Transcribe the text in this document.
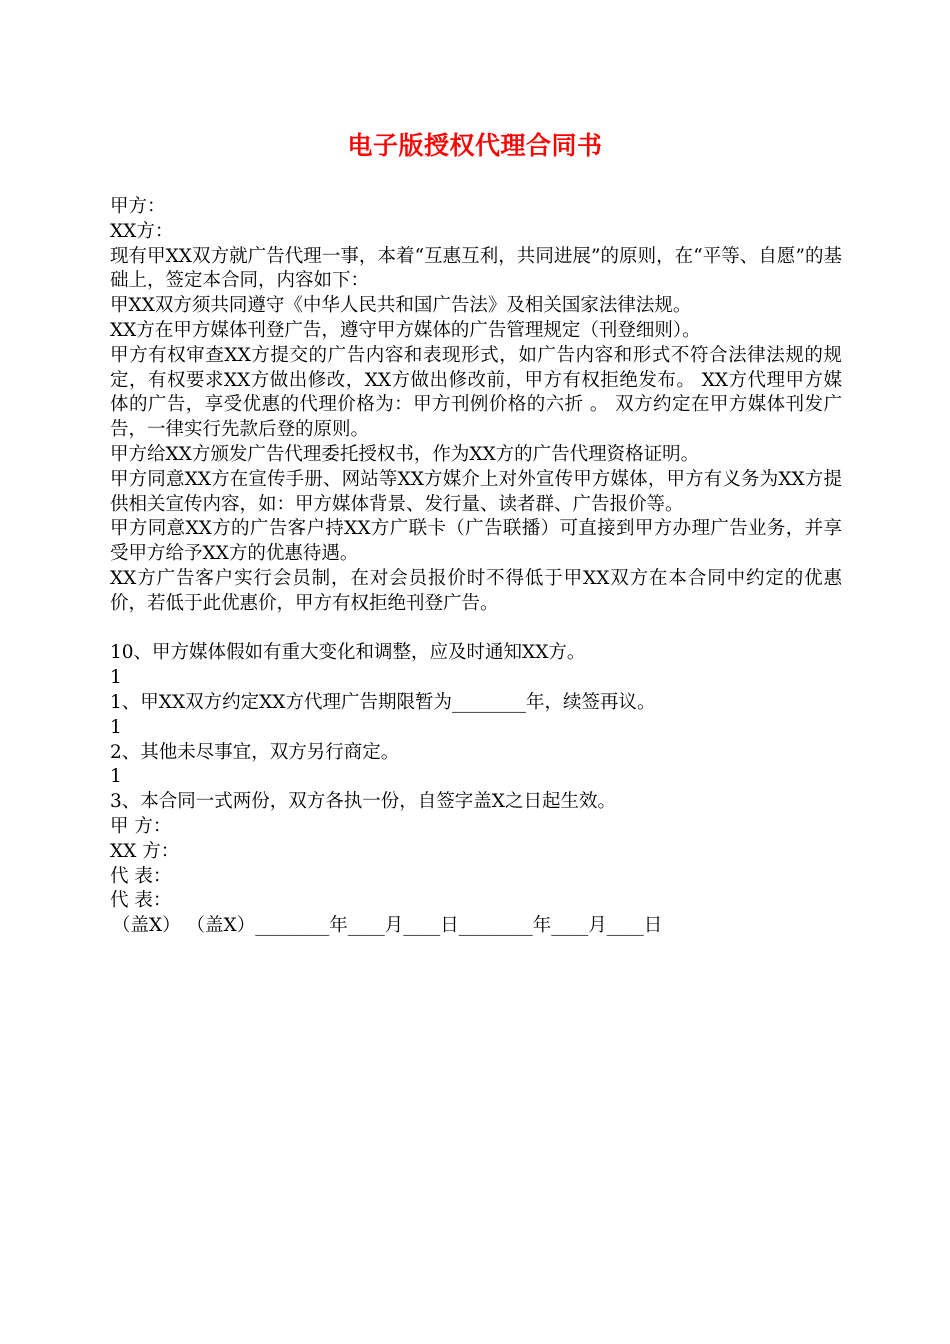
电子版授权代理合同书

甲方：

XX方：

现有甲XX双方就广告代理一事，本着“互惠互利，共同进展”的原则，在“平等、自愿”的基础上，签定本合同，内容如下：

甲XX双方须共同遵守《中华人民共和国广告法》及相关国家法律法规。

XX方在甲方媒体刊登广告，遵守甲方媒体的广告管理规定（刊登细则）。

甲方有权审查XX方提交的广告内容和表现形式，如广告内容和形式不符合法律法规的规定，有权要求XX方做出修改，XX方做出修改前，甲方有权拒绝发布。 XX方代理甲方媒体的广告，享受优惠的代理价格为：甲方刊例价格的六折 。 双方约定在甲方媒体刊发广告，一律实行先款后登的原则。

甲方给XX方颁发广告代理委托授权书，作为XX方的广告代理资格证明。

甲方同意XX方在宣传手册、网站等XX方媒介上对外宣传甲方媒体，甲方有义务为XX方提供相关宣传内容，如：甲方媒体背景、发行量、读者群、广告报价等。

甲方同意XX方的广告客户持XX方广联卡（广告联播）可直接到甲方办理广告业务，并享受甲方给予XX方的优惠待遇。

XX方广告客户实行会员制，在对会员报价时不得低于甲XX双方在本合同中约定的优惠价，若低于此优惠价，甲方有权拒绝刊登广告。

10、甲方媒体假如有重大变化和调整，应及时通知XX方。

1

1、甲XX双方约定XX方代理广告期限暂为________年，续签再议。

1

2、其他未尽事宜，双方另行商定。

1

3、本合同一式两份，双方各执一份，自签字盖X之日起生效。

甲 方：

XX 方：

代 表：

代 表：

（盖X） （盖X）________年____月____日________年____月____日
